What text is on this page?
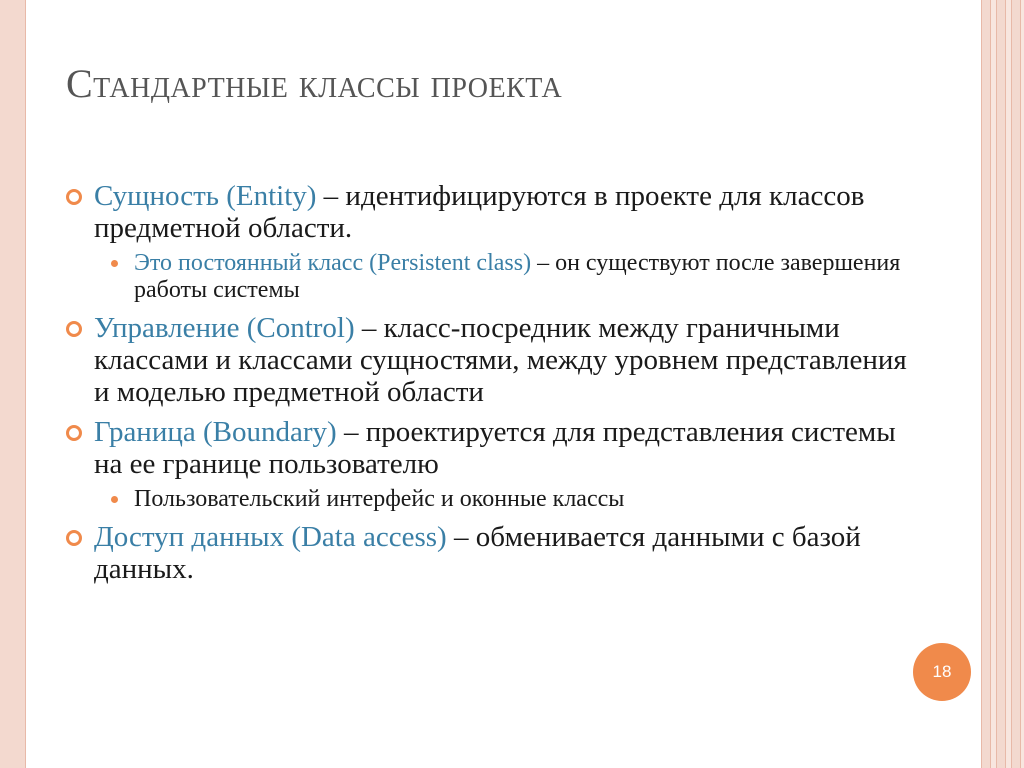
Стандартные классы проекта
Сущность (Entity) – идентифицируются в проекте для классов предметной области.
Это постоянный класс (Persistent class) – он существуют после завершения работы системы
Управление (Control) – класс-посредник между граничными классами и классами сущностями, между уровнем представления и моделью предметной области
Граница (Boundary) – проектируется для представления системы на ее границе пользователю
Пользовательский интерфейс и оконные классы
Доступ данных (Data access) – обменивается данными с базой данных.
18
